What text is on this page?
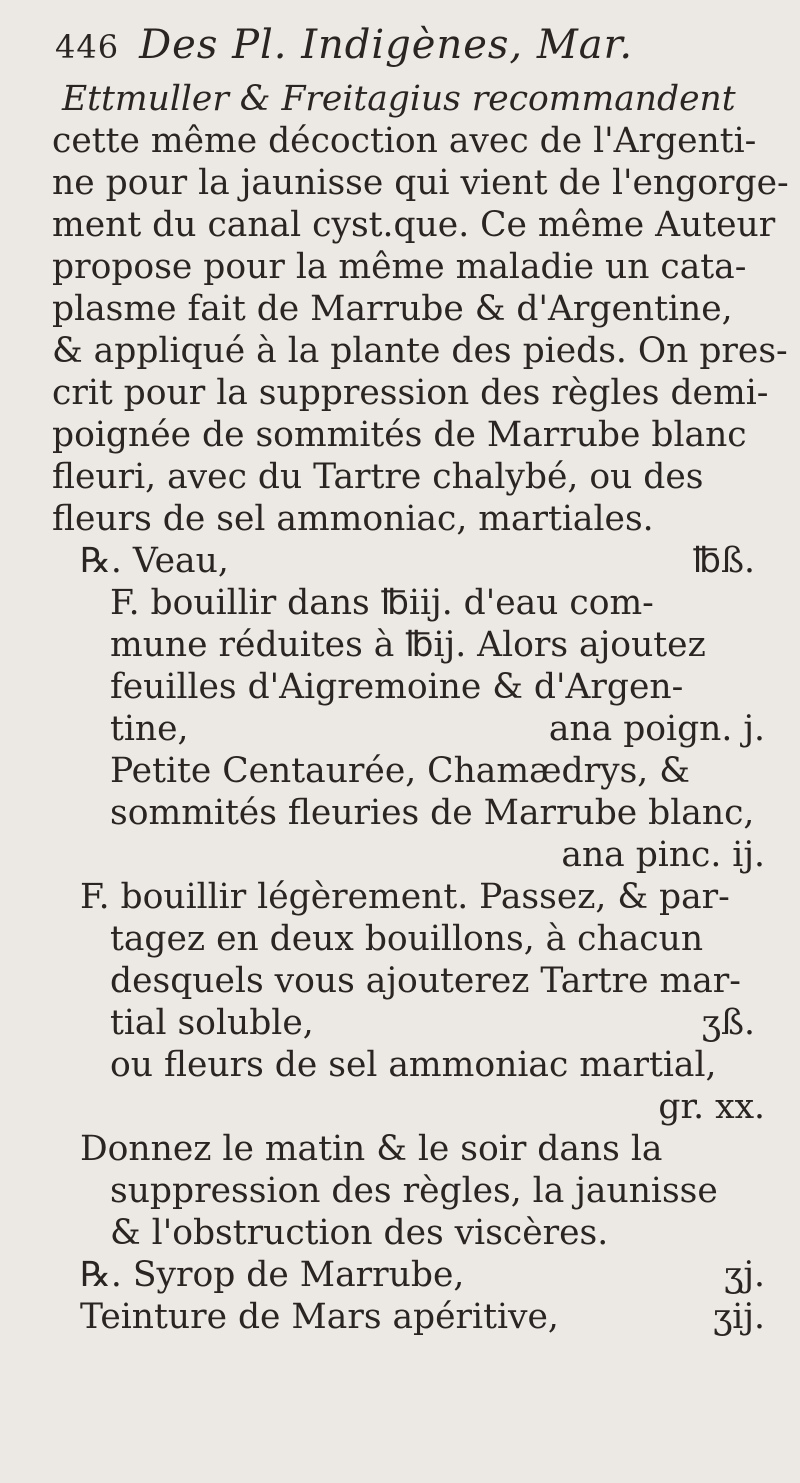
446 Des Pl. Indigènes, Mar.
Ettmuller & Freitagius recommandent
cette même décoction avec de l'Argenti-
ne pour la jaunisse qui vient de l'engorge-
ment du canal cyst.que. Ce même Auteur
propose pour la même maladie un cata-
plasme fait de Marrube & d'Argentine,
& appliqué à la plante des pieds. On pres-
crit pour la suppression des règles demi-
poignée de sommités de Marrube blanc
fleuri, avec du Tartre chalybé, ou des
fleurs de sel ammoniac, martiales.
℞. Veau,	℔ß.
F. bouillir dans ℔iij. d'eau com-
mune réduites à ℔ij. Alors ajoutez
feuilles d'Aigremoine & d'Argen-
tine,	ana poign. j.
Petite Centaurée, Chamædrys, &
sommités fleuries de Marrube blanc,
ana pinc. ij.
F. bouillir légèrement. Passez, & par-
tagez en deux bouillons, à chacun
desquels vous ajouterez Tartre mar-
tial soluble,	ʒß.
ou fleurs de sel ammoniac martial,
gr. xx.
Donnez le matin & le soir dans la
suppression des règles, la jaunisse
& l'obstruction des viscères.
℞. Syrop de Marrube,	ʒj.
Teinture de Mars apéritive,	ʒij.
